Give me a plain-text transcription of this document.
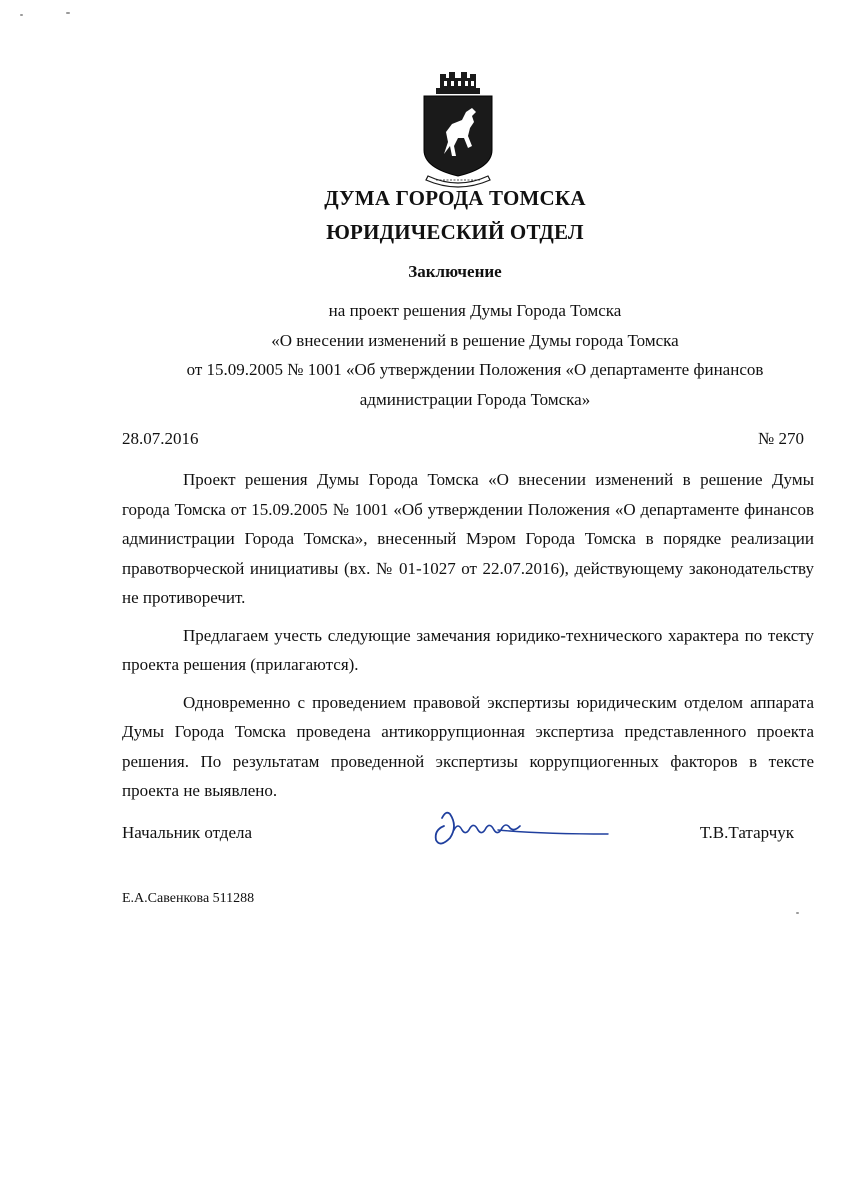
ДУМА ГОРОДА ТОМСКА
ЮРИДИЧЕСКИЙ ОТДЕЛ
Заключение
на проект решения Думы Города Томска
«О внесении изменений в решение Думы города Томска
от 15.09.2005 № 1001 «Об утверждении Положения «О департаменте финансов
администрации Города Томска»
28.07.2016	№ 270

Проект решения Думы Города Томска «О внесении изменений в решение Думы города Томска от 15.09.2005 № 1001 «Об утверждении Положения «О департаменте финансов администрации Города Томска», внесенный Мэром Города Томска в порядке реализации правотворческой инициативы (вх. № 01-1027 от 22.07.2016), действующему законодательству не противоречит.

Предлагаем учесть следующие замечания юридико-технического характера по тексту проекта решения (прилагаются).

Одновременно с проведением правовой экспертизы юридическим отделом аппарата Думы Города Томска проведена антикоррупционная экспертиза представленного проекта решения. По результатам проведенной экспертизы коррупциогенных факторов в тексте проекта не выявлено.

Начальник отдела	Т.В.Татарчук
Е.А.Савенкова 511288
